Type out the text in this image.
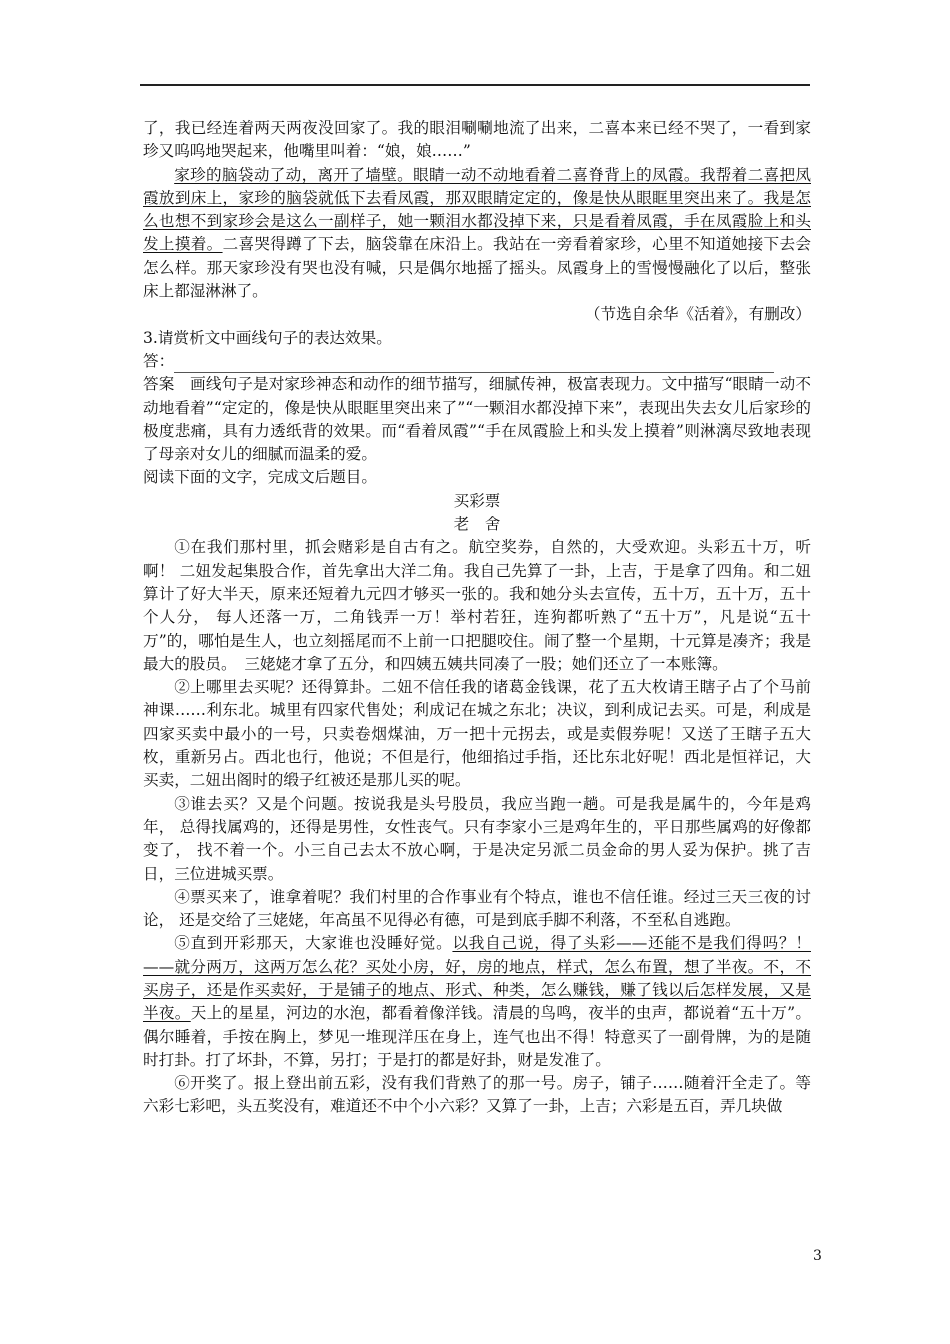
了，我已经连着两天两夜没回家了。我的眼泪唰唰地流了出来，二喜本来已经不哭了，一看到家珍又呜呜地哭起来，他嘴里叫着：“娘，娘……”

家珍的脑袋动了动，离开了墙壁。眼睛一动不动地看着二喜脊背上的凤霞。我帮着二喜把凤霞放到床上，家珍的脑袋就低下去看凤霞，那双眼睛定定的，像是快从眼眶里突出来了。我是怎么也想不到家珍会是这么一副样子，她一颗泪水都没掉下来，只是看着凤霞，手在凤霞脸上和头发上摸着。二喜哭得蹲了下去，脑袋靠在床沿上。我站在一旁看着家珍，心里不知道她接下去会怎么样。那天家珍没有哭也没有喊，只是偶尔地摇了摇头。凤霞身上的雪慢慢融化了以后，整张床上都湿淋淋了。

（节选自余华《活着》，有删改）

3.请赏析文中画线句子的表达效果。

答：

答案　画线句子是对家珍神态和动作的细节描写，细腻传神，极富表现力。文中描写“眼睛一动不动地看着”“定定的，像是快从眼眶里突出来了”“一颗泪水都没掉下来”，表现出失去女儿后家珍的极度悲痛，具有力透纸背的效果。而“看着凤霞”“手在凤霞脸上和头发上摸着”则淋漓尽致地表现了母亲对女儿的细腻而温柔的爱。

阅读下面的文字，完成文后题目。

买彩票

老　舍

①在我们那村里，抓会赌彩是自古有之。航空奖券，自然的，大受欢迎。头彩五十万，听啊！ 二妞发起集股合作，首先拿出大洋二角。我自己先算了一卦，上吉，于是拿了四角。和二妞算计了好大半天，原来还短着九元四才够买一张的。我和她分头去宣传，五十万，五十万，五十个人分， 每人还落一万，二角钱弄一万！举村若狂，连狗都听熟了“五十万”，凡是说“五十万”的，哪怕是生人，也立刻摇尾而不上前一口把腿咬住。闹了整一个星期，十元算是凑齐；我是最大的股员。　三姥姥才拿了五分，和四姨五姨共同凑了一股；她们还立了一本账簿。

②上哪里去买呢？还得算卦。二妞不信任我的诸葛金钱课，花了五大枚请王瞎子占了个马前神课……利东北。城里有四家代售处；利成记在城之东北；决议，到利成记去买。可是，利成是四家买卖中最小的一号，只卖卷烟煤油，万一把十元拐去，或是卖假券呢！又送了王瞎子五大枚，重新另占。西北也行，他说；不但是行，他细掐过手指，还比东北好呢！西北是恒祥记，大买卖，二妞出阁时的缎子红被还是那儿买的呢。

③谁去买？又是个问题。按说我是头号股员，我应当跑一趟。可是我是属牛的，今年是鸡年， 总得找属鸡的，还得是男性，女性丧气。只有李家小三是鸡年生的，平日那些属鸡的好像都变了， 找不着一个。小三自己去太不放心啊，于是决定另派二员金命的男人妥为保护。挑了吉日，三位进城买票。

④票买来了，谁拿着呢？我们村里的合作事业有个特点，谁也不信任谁。经过三天三夜的讨论， 还是交给了三姥姥，年高虽不见得必有德，可是到底手脚不利落，不至私自逃跑。

⑤直到开彩那天，大家谁也没睡好觉。以我自己说，得了头彩——还能不是我们得吗？！——就分两万，这两万怎么花？买处小房，好，房的地点，样式，怎么布置，想了半夜。不，不买房子，还是作买卖好，于是铺子的地点、形式、种类，怎么赚钱，赚了钱以后怎样发展，又是半夜。天上的星星，河边的水泡，都看着像洋钱。清晨的鸟鸣，夜半的虫声，都说着“五十万”。偶尔睡着，手按在胸上，梦见一堆现洋压在身上，连气也出不得！特意买了一副骨牌，为的是随时打卦。打了坏卦，不算，另打；于是打的都是好卦，财是发准了。

⑥开奖了。报上登出前五彩，没有我们背熟了的那一号。房子，铺子……随着汗全走了。等六彩七彩吧，头五奖没有，难道还不中个小六彩？又算了一卦，上吉；六彩是五百，弄几块做

3
